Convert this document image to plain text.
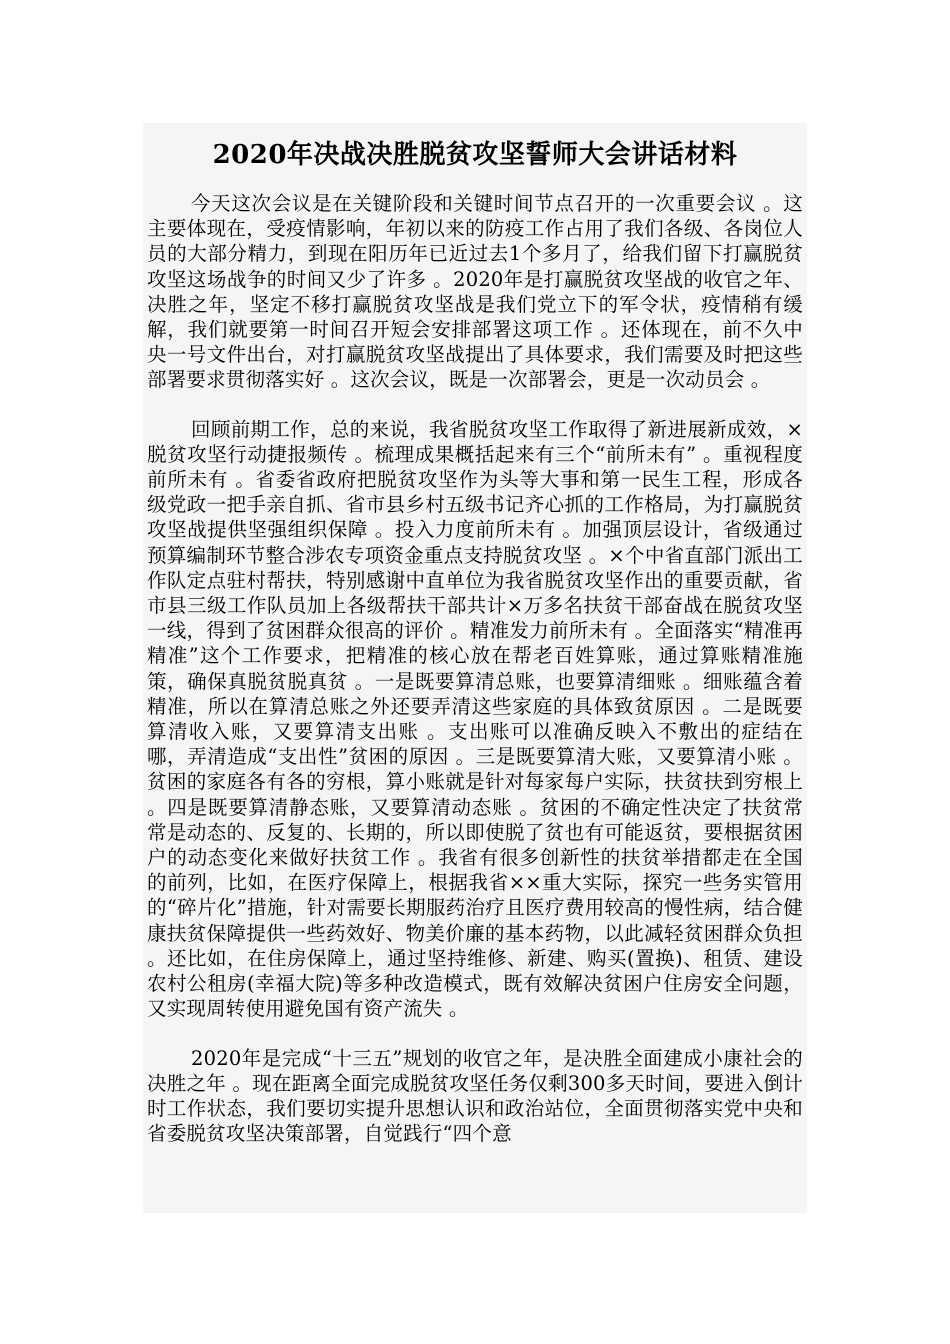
2020年决战决胜脱贫攻坚誓师大会讲话材料

今天这次会议是在关键阶段和关键时间节点召开的一次重要会议 。这主要体现在，受疫情影响，年初以来的防疫工作占用了我们各级、各岗位人员的大部分精力，到现在阳历年已近过去1个多月了，给我们留下打赢脱贫攻坚这场战争的时间又少了许多 。2020年是打赢脱贫攻坚战的收官之年、决胜之年，坚定不移打赢脱贫攻坚战是我们党立下的军令状，疫情稍有缓解，我们就要第一时间召开短会安排部署这项工作 。还体现在，前不久中央一号文件出台，对打赢脱贫攻坚战提出了具体要求，我们需要及时把这些部署要求贯彻落实好 。这次会议，既是一次部署会，更是一次动员会 。

回顾前期工作，总的来说，我省脱贫攻坚工作取得了新进展新成效，×脱贫攻坚行动捷报频传 。梳理成果概括起来有三个“前所未有” 。重视程度前所未有 。省委省政府把脱贫攻坚作为头等大事和第一民生工程，形成各级党政一把手亲自抓、省市县乡村五级书记齐心抓的工作格局，为打赢脱贫攻坚战提供坚强组织保障 。投入力度前所未有 。加强顶层设计，省级通过预算编制环节整合涉农专项资金重点支持脱贫攻坚 。×个中省直部门派出工作队定点驻村帮扶，特别感谢中直单位为我省脱贫攻坚作出的重要贡献，省市县三级工作队员加上各级帮扶干部共计×万多名扶贫干部奋战在脱贫攻坚一线，得到了贫困群众很高的评价 。精准发力前所未有 。全面落实“精准再精准”这个工作要求，把精准的核心放在帮老百姓算账，通过算账精准施策，确保真脱贫脱真贫 。一是既要算清总账，也要算清细账 。细账蕴含着精准，所以在算清总账之外还要弄清这些家庭的具体致贫原因 。二是既要算清收入账，又要算清支出账 。支出账可以准确反映入不敷出的症结在哪，弄清造成“支出性”贫困的原因 。三是既要算清大账，又要算清小账 。贫困的家庭各有各的穷根，算小账就是针对每家每户实际，扶贫扶到穷根上 。四是既要算清静态账，又要算清动态账 。贫困的不确定性决定了扶贫常常是动态的、反复的、长期的，所以即使脱了贫也有可能返贫，要根据贫困户的动态变化来做好扶贫工作 。我省有很多创新性的扶贫举措都走在全国的前列，比如，在医疗保障上，根据我省××重大实际，探究一些务实管用的“碎片化”措施，针对需要长期服药治疗且医疗费用较高的慢性病，结合健康扶贫保障提供一些药效好、物美价廉的基本药物，以此减轻贫困群众负担 。还比如，在住房保障上，通过坚持维修、新建、购买(置换)、租赁、建设农村公租房(幸福大院)等多种改造模式，既有效解决贫困户住房安全问题，又实现周转使用避免国有资产流失 。

2020年是完成“十三五”规划的收官之年，是决胜全面建成小康社会的决胜之年 。现在距离全面完成脱贫攻坚任务仅剩300多天时间，要进入倒计时工作状态，我们要切实提升思想认识和政治站位，全面贯彻落实党中央和省委脱贫攻坚决策部署，自觉践行“四个意
